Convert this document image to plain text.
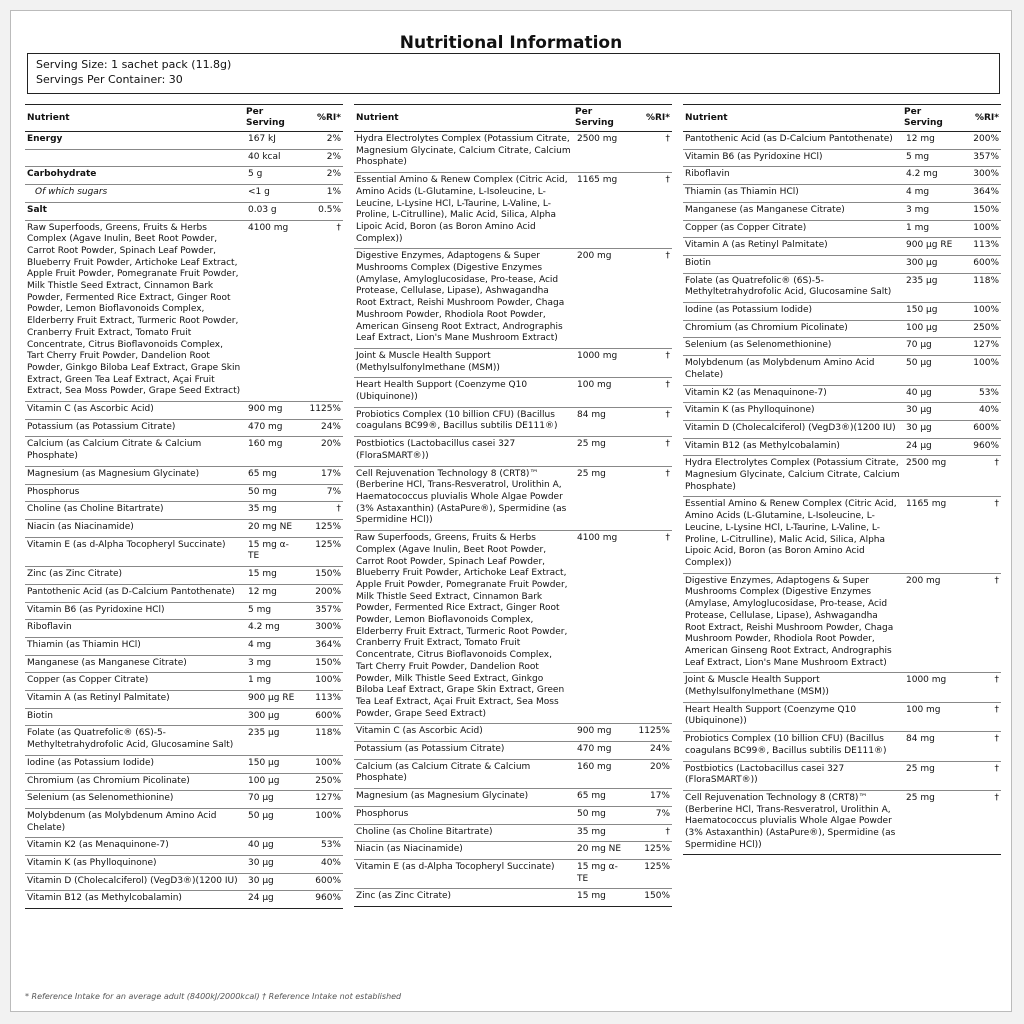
Nutritional Information
Serving Size: 1 sachet pack (11.8g)
Servings Per Container: 30
Nutrient	Per Serving	%RI*
Energy	167 kJ	2%
	40 kcal	2%
Carbohydrate	5 g	2%
Of which sugars	<1 g	1%
Salt	0.03 g	0.5%
Raw Superfoods, Greens, Fruits & Herbs Complex (Agave Inulin, Beet Root Powder, Carrot Root Powder, Spinach Leaf Powder, Blueberry Fruit Powder, Artichoke Leaf Extract, Apple Fruit Powder, Pomegranate Fruit Powder, Milk Thistle Seed Extract, Cinnamon Bark Powder, Fermented Rice Extract, Ginger Root Powder, Lemon Bioflavonoids Complex, Elderberry Fruit Extract, Turmeric Root Powder, Cranberry Fruit Extract, Tomato Fruit Concentrate, Citrus Bioflavonoids Complex, Tart Cherry Fruit Powder, Dandelion Root Powder, Ginkgo Biloba Leaf Extract, Grape Skin Extract, Green Tea Leaf Extract, Açai Fruit Extract, Sea Moss Powder, Grape Seed Extract)	4100 mg	†
Vitamin C (as Ascorbic Acid)	900 mg	1125%
Potassium (as Potassium Citrate)	470 mg	24%
Calcium (as Calcium Citrate & Calcium Phosphate)	160 mg	20%
Magnesium (as Magnesium Glycinate)	65 mg	17%
Phosphorus	50 mg	7%
Choline (as Choline Bitartrate)	35 mg	†
Niacin (as Niacinamide)	20 mg NE	125%
Vitamin E (as d-Alpha Tocopheryl Succinate)	15 mg α-TE	125%
Zinc (as Zinc Citrate)	15 mg	150%
Pantothenic Acid (as D-Calcium Pantothenate)	12 mg	200%
Vitamin B6 (as Pyridoxine HCl)	5 mg	357%
Riboflavin	4.2 mg	300%
Thiamin (as Thiamin HCl)	4 mg	364%
Manganese (as Manganese Citrate)	3 mg	150%
Copper (as Copper Citrate)	1 mg	100%
Vitamin A (as Retinyl Palmitate)	900 µg RE	113%
Biotin	300 µg	600%
Folate (as Quatrefolic® (6S)-5-Methyltetrahydrofolic Acid, Glucosamine Salt)	235 µg	118%
Iodine (as Potassium Iodide)	150 µg	100%
Chromium (as Chromium Picolinate)	100 µg	250%
Selenium (as Selenomethionine)	70 µg	127%
Molybdenum (as Molybdenum Amino Acid Chelate)	50 µg	100%
Vitamin K2 (as Menaquinone-7)	40 µg	53%
Vitamin K (as Phylloquinone)	30 µg	40%
Vitamin D (Cholecalciferol) (VegD3®)(1200 IU)	30 µg	600%
Vitamin B12 (as Methylcobalamin)	24 µg	960%
Nutrient	Per Serving	%RI*
Hydra Electrolytes Complex (Potassium Citrate, Magnesium Glycinate, Calcium Citrate, Calcium Phosphate)	2500 mg	†
Essential Amino & Renew Complex (Citric Acid, Amino Acids (L-Glutamine, L-Isoleucine, L-Leucine, L-Lysine HCl, L-Taurine, L-Valine, L-Proline, L-Citrulline), Malic Acid, Silica, Alpha Lipoic Acid, Boron (as Boron Amino Acid Complex))	1165 mg	†
Digestive Enzymes, Adaptogens & Super Mushrooms Complex (Digestive Enzymes (Amylase, Amyloglucosidase, Pro-tease, Acid Protease, Cellulase, Lipase), Ashwagandha Root Extract, Reishi Mushroom Powder, Chaga Mushroom Powder, Rhodiola Root Powder, American Ginseng Root Extract, Andrographis Leaf Extract, Lion's Mane Mushroom Extract)	200 mg	†
Joint & Muscle Health Support (Methylsulfonylmethane (MSM))	1000 mg	†
Heart Health Support (Coenzyme Q10 (Ubiquinone))	100 mg	†
Probiotics Complex (10 billion CFU) (Bacillus coagulans BC99®, Bacillus subtilis DE111®)	84 mg	†
Postbiotics (Lactobacillus casei 327 (FloraSMART®))	25 mg	†
Cell Rejuvenation Technology 8 (CRT8)™ (Berberine HCl, Trans-Resveratrol, Urolithin A, Haematococcus pluvialis Whole Algae Powder (3% Astaxanthin) (AstaPure®), Spermidine (as Spermidine HCl))	25 mg	†
Raw Superfoods, Greens, Fruits & Herbs Complex (Agave Inulin, Beet Root Powder, Carrot Root Powder, Spinach Leaf Powder, Blueberry Fruit Powder, Artichoke Leaf Extract, Apple Fruit Powder, Pomegranate Fruit Powder, Milk Thistle Seed Extract, Cinnamon Bark Powder, Fermented Rice Extract, Ginger Root Powder, Lemon Bioflavonoids Complex, Elderberry Fruit Extract, Turmeric Root Powder, Cranberry Fruit Extract, Tomato Fruit Concentrate, Citrus Bioflavonoids Complex, Tart Cherry Fruit Powder, Dandelion Root Powder, Milk Thistle Seed Extract, Ginkgo Biloba Leaf Extract, Grape Skin Extract, Green Tea Leaf Extract, Açai Fruit Extract, Sea Moss Powder, Grape Seed Extract)	4100 mg	†
Vitamin C (as Ascorbic Acid)	900 mg	1125%
Potassium (as Potassium Citrate)	470 mg	24%
Calcium (as Calcium Citrate & Calcium Phosphate)	160 mg	20%
Magnesium (as Magnesium Glycinate)	65 mg	17%
Phosphorus	50 mg	7%
Choline (as Choline Bitartrate)	35 mg	†
Niacin (as Niacinamide)	20 mg NE	125%
Vitamin E (as d-Alpha Tocopheryl Succinate)	15 mg α-TE	125%
Zinc (as Zinc Citrate)	15 mg	150%
Nutrient	Per Serving	%RI*
Pantothenic Acid (as D-Calcium Pantothenate)	12 mg	200%
Vitamin B6 (as Pyridoxine HCl)	5 mg	357%
Riboflavin	4.2 mg	300%
Thiamin (as Thiamin HCl)	4 mg	364%
Manganese (as Manganese Citrate)	3 mg	150%
Copper (as Copper Citrate)	1 mg	100%
Vitamin A (as Retinyl Palmitate)	900 µg RE	113%
Biotin	300 µg	600%
Folate (as Quatrefolic® (6S)-5-Methyltetrahydrofolic Acid, Glucosamine Salt)	235 µg	118%
Iodine (as Potassium Iodide)	150 µg	100%
Chromium (as Chromium Picolinate)	100 µg	250%
Selenium (as Selenomethionine)	70 µg	127%
Molybdenum (as Molybdenum Amino Acid Chelate)	50 µg	100%
Vitamin K2 (as Menaquinone-7)	40 µg	53%
Vitamin K (as Phylloquinone)	30 µg	40%
Vitamin D (Cholecalciferol) (VegD3®)(1200 IU)	30 µg	600%
Vitamin B12 (as Methylcobalamin)	24 µg	960%
Hydra Electrolytes Complex (Potassium Citrate, Magnesium Glycinate, Calcium Citrate, Calcium Phosphate)	2500 mg	†
Essential Amino & Renew Complex (Citric Acid, Amino Acids (L-Glutamine, L-Isoleucine, L-Leucine, L-Lysine HCl, L-Taurine, L-Valine, L-Proline, L-Citrulline), Malic Acid, Silica, Alpha Lipoic Acid, Boron (as Boron Amino Acid Complex))	1165 mg	†
Digestive Enzymes, Adaptogens & Super Mushrooms Complex (Digestive Enzymes (Amylase, Amyloglucosidase, Pro-tease, Acid Protease, Cellulase, Lipase), Ashwagandha Root Extract, Reishi Mushroom Powder, Chaga Mushroom Powder, Rhodiola Root Powder, American Ginseng Root Extract, Andrographis Leaf Extract, Lion's Mane Mushroom Extract)	200 mg	†
Joint & Muscle Health Support (Methylsulfonylmethane (MSM))	1000 mg	†
Heart Health Support (Coenzyme Q10 (Ubiquinone))	100 mg	†
Probiotics Complex (10 billion CFU) (Bacillus coagulans BC99®, Bacillus subtilis DE111®)	84 mg	†
Postbiotics (Lactobacillus casei 327 (FloraSMART®))	25 mg	†
Cell Rejuvenation Technology 8 (CRT8)™ (Berberine HCl, Trans-Resveratrol, Urolithin A, Haematococcus pluvialis Whole Algae Powder (3% Astaxanthin) (AstaPure®), Spermidine (as Spermidine HCl))	25 mg	†
* Reference Intake for an average adult (8400kJ/2000kcal) † Reference Intake not established
